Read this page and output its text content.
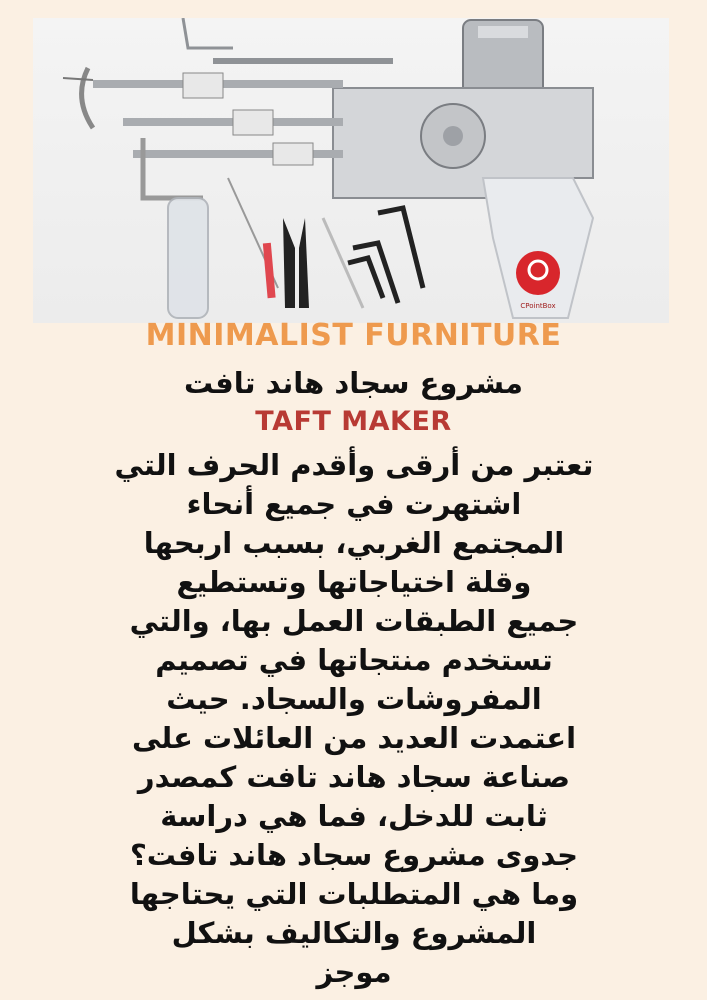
CPointBox
MINIMALIST FURNITURE
مشروع سجاد هاند تافت
TAFT MAKER
تعتبر من أرقى وأقدم الحرف التي
اشتهرت في جميع أنحاء
المجتمع الغربي، بسبب اربحها
وقلة اختياجاتها وتستطيع
جميع الطبقات العمل بها، والتي
تستخدم منتجاتها في تصميم
المفروشات والسجاد. حيث
اعتمدت العديد من العائلات على
صناعة سجاد هاند تافت كمصدر
ثابت للدخل، فما هي دراسة
جدوى مشروع سجاد هاند تافت؟
وما هي المتطلبات التي يحتاجها
المشروع والتكاليف بشكل
موجز
